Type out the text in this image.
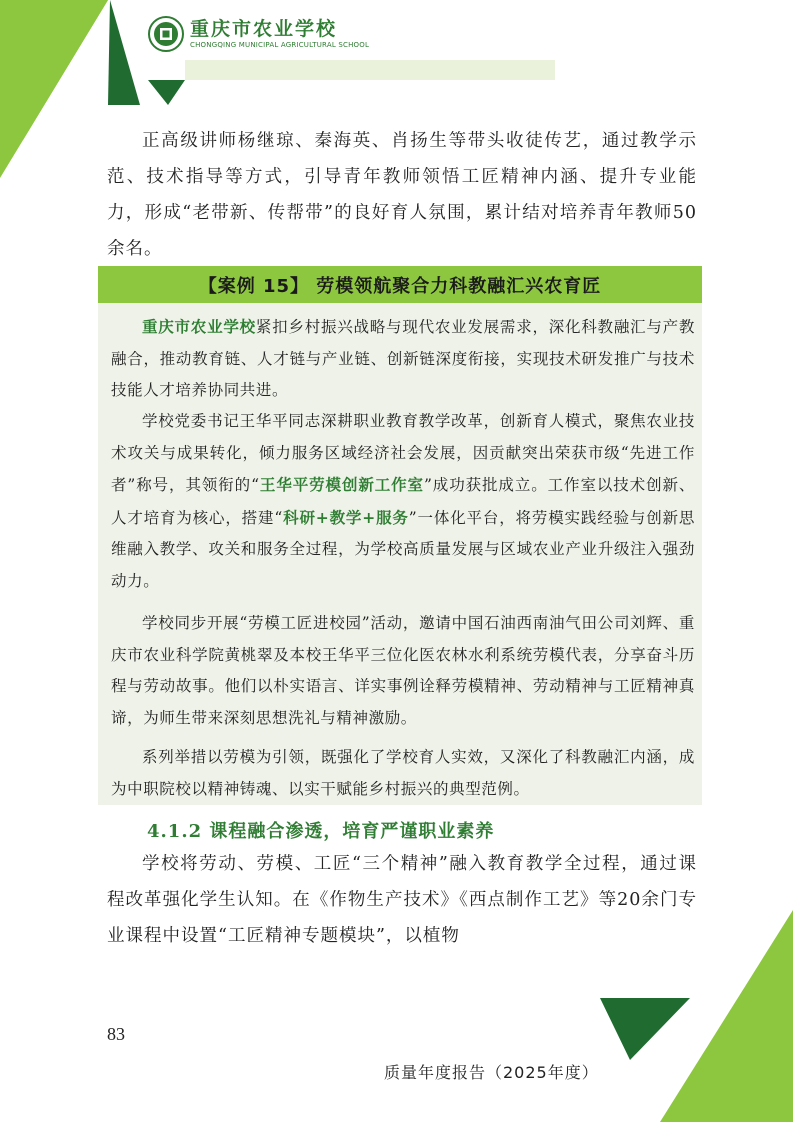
重庆市农业学校
CHONGQING MUNICIPAL AGRICULTURAL SCHOOL

正高级讲师杨继琼、秦海英、肖扬生等带头收徒传艺，通过教学示范、技术指导等方式，引导青年教师领悟工匠精神内涵、提升专业能力，形成“老带新、传帮带”的良好育人氛围，累计结对培养青年教师50余名。

【案例 15】 劳模领航聚合力科教融汇兴农育匠

重庆市农业学校紧扣乡村振兴战略与现代农业发展需求，深化科教融汇与产教融合，推动教育链、人才链与产业链、创新链深度衔接，实现技术研发推广与技术技能人才培养协同共进。

学校党委书记王华平同志深耕职业教育教学改革，创新育人模式，聚焦农业技术攻关与成果转化，倾力服务区域经济社会发展，因贡献突出荣获市级“先进工作者”称号，其领衔的“王华平劳模创新工作室”成功获批成立。工作室以技术创新、人才培育为核心，搭建“科研+教学+服务”一体化平台，将劳模实践经验与创新思维融入教学、攻关和服务全过程，为学校高质量发展与区域农业产业升级注入强劲动力。

学校同步开展“劳模工匠进校园”活动，邀请中国石油西南油气田公司刘辉、重庆市农业科学院黄桃翠及本校王华平三位化医农林水利系统劳模代表，分享奋斗历程与劳动故事。他们以朴实语言、详实事例诠释劳模精神、劳动精神与工匠精神真谛，为师生带来深刻思想洗礼与精神激励。

系列举措以劳模为引领，既强化了学校育人实效，又深化了科教融汇内涵，成为中职院校以精神铸魂、以实干赋能乡村振兴的典型范例。

4.1.2 课程融合渗透，培育严谨职业素养

学校将劳动、劳模、工匠“三个精神”融入教育教学全过程，通过课程改革强化学生认知。在《作物生产技术》《西点制作工艺》等20余门专业课程中设置“工匠精神专题模块”，以植物

83
质量年度报告（2025年度）
